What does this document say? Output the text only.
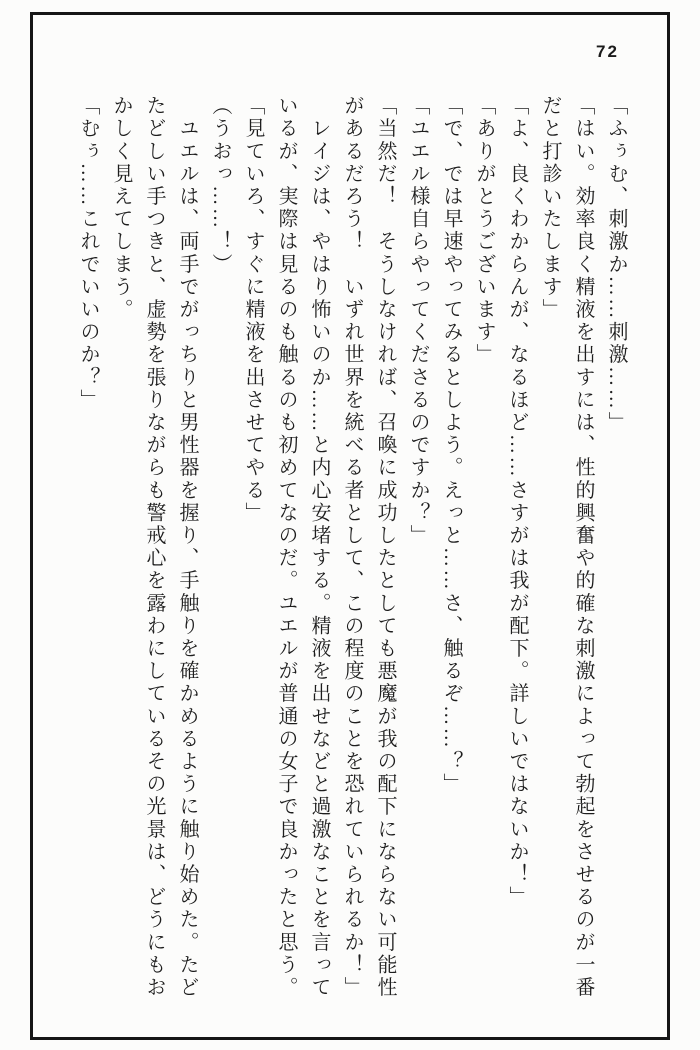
72

「ふぅむ、刺激か……刺激……」

「はい。効率良く精液を出すには、性的興奮や的確な刺激によって勃起をさせるのが一番

だと打診いたします」

「よ、良くわからんが、なるほど……さすがは我が配下。詳しいではないか！」

「ありがとうございます」

「で、では早速やってみるとしよう。えっと……さ、触るぞ……？」

「ユエル様自らやってくださるのですか？」

「当然だ！　そうしなければ、召喚に成功したとしても悪魔が我の配下にならない可能性

があるだろう！　いずれ世界を統べる者として、この程度のことを恐れていられるか！」

　レイジは、やはり怖いのか……と内心安堵する。精液を出せなどと過激なことを言って

いるが、実際は見るのも触るのも初めてなのだ。ユエルが普通の女子で良かったと思う。

「見ていろ、すぐに精液を出させてやる」

（うおっ……！）

　ユエルは、両手でがっちりと男性器を握り、手触りを確かめるように触り始めた。たど

たどしい手つきと、虚勢を張りながらも警戒心を露わにしているその光景は、どうにもお

かしく見えてしまう。

「むぅ……これでいいのか？」
